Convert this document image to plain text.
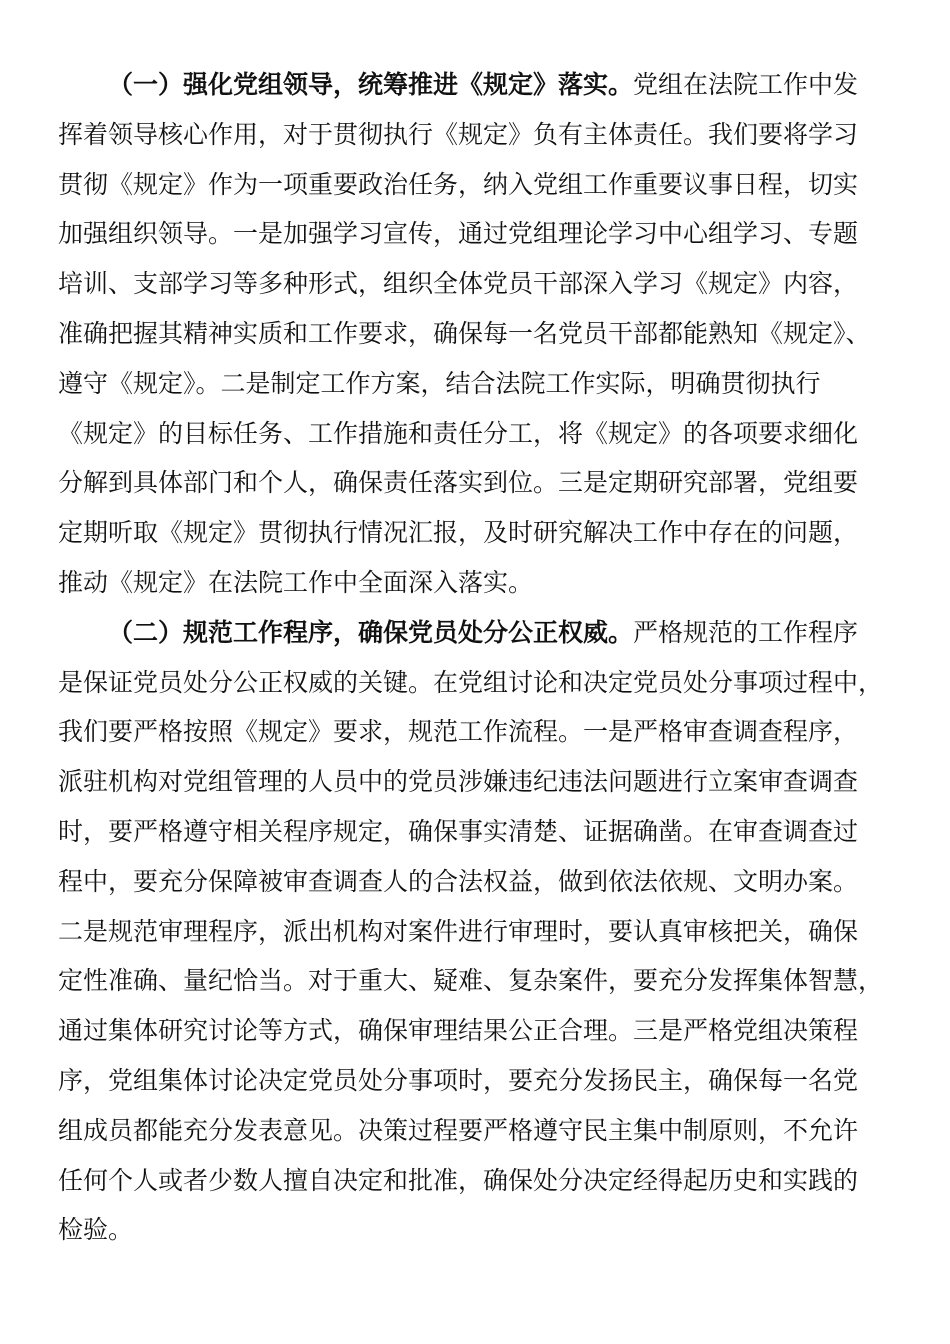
（一）强化党组领导，统筹推进《规定》落实。党组在法院工作中发
挥着领导核心作用，对于贯彻执行《规定》负有主体责任。我们要将学习
贯彻《规定》作为一项重要政治任务，纳入党组工作重要议事日程，切实
加强组织领导。一是加强学习宣传，通过党组理论学习中心组学习、专题
培训、支部学习等多种形式，组织全体党员干部深入学习《规定》内容，
准确把握其精神实质和工作要求，确保每一名党员干部都能熟知《规定》、
遵守《规定》。二是制定工作方案，结合法院工作实际，明确贯彻执行
《规定》的目标任务、工作措施和责任分工，将《规定》的各项要求细化
分解到具体部门和个人，确保责任落实到位。三是定期研究部署，党组要
定期听取《规定》贯彻执行情况汇报，及时研究解决工作中存在的问题，
推动《规定》在法院工作中全面深入落实。
（二）规范工作程序，确保党员处分公正权威。严格规范的工作程序
是保证党员处分公正权威的关键。在党组讨论和决定党员处分事项过程中，
我们要严格按照《规定》要求，规范工作流程。一是严格审查调查程序，
派驻机构对党组管理的人员中的党员涉嫌违纪违法问题进行立案审查调查
时，要严格遵守相关程序规定，确保事实清楚、证据确凿。在审查调查过
程中，要充分保障被审查调查人的合法权益，做到依法依规、文明办案。
二是规范审理程序，派出机构对案件进行审理时，要认真审核把关，确保
定性准确、量纪恰当。对于重大、疑难、复杂案件，要充分发挥集体智慧，
通过集体研究讨论等方式，确保审理结果公正合理。三是严格党组决策程
序，党组集体讨论决定党员处分事项时，要充分发扬民主，确保每一名党
组成员都能充分发表意见。决策过程要严格遵守民主集中制原则，不允许
任何个人或者少数人擅自决定和批准，确保处分决定经得起历史和实践的
检验。
